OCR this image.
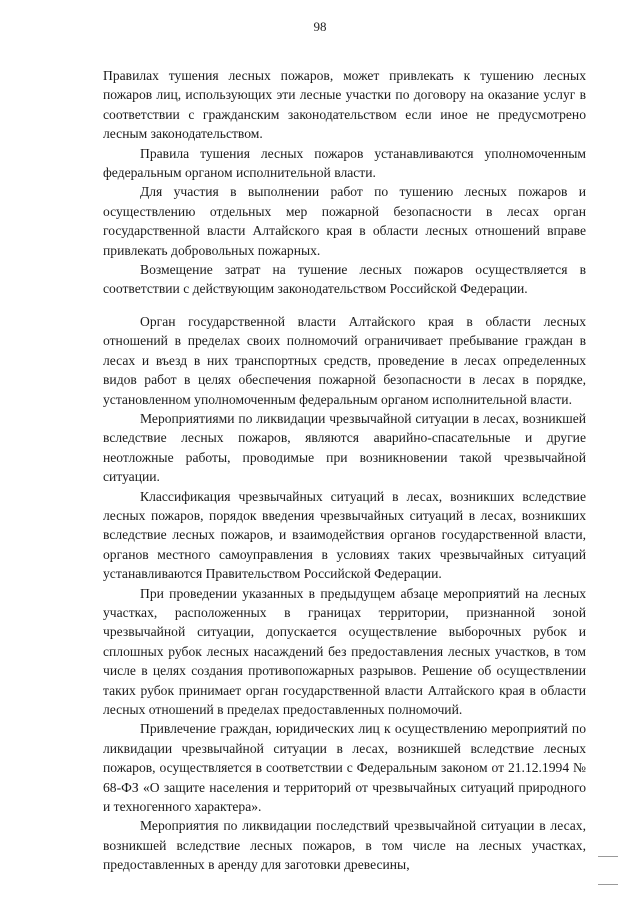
98

Правилах тушения лесных пожаров, может привлекать к тушению лесных пожаров лиц, использующих эти лесные участки по договору на оказание услуг в соответствии с гражданским законодательством если иное не предусмотрено лесным законодательством.

Правила тушения лесных пожаров устанавливаются уполномоченным федеральным органом исполнительной власти.

Для участия в выполнении работ по тушению лесных пожаров и осуществлению отдельных мер пожарной безопасности в лесах орган государственной власти Алтайского края в области лесных отношений вправе привлекать добровольных пожарных.

Возмещение затрат на тушение лесных пожаров осуществляется в соответствии с действующим законодательством Российской Федерации.

Орган государственной власти Алтайского края в области лесных отношений в пределах своих полномочий ограничивает пребывание граждан в лесах и въезд в них транспортных средств, проведение в лесах определенных видов работ в целях обеспечения пожарной безопасности в лесах в порядке, установленном уполномоченным федеральным органом исполнительной власти.

Мероприятиями по ликвидации чрезвычайной ситуации в лесах, возникшей вследствие лесных пожаров, являются аварийно-спасательные и другие неотложные работы, проводимые при возникновении такой чрезвычайной ситуации.

Классификация чрезвычайных ситуаций в лесах, возникших вследствие лесных пожаров, порядок введения чрезвычайных ситуаций в лесах, возникших вследствие лесных пожаров, и взаимодействия органов государственной власти, органов местного самоуправления в условиях таких чрезвычайных ситуаций устанавливаются Правительством Российской Федерации.

При проведении указанных в предыдущем абзаце мероприятий на лесных участках, расположенных в границах территории, признанной зоной чрезвычайной ситуации, допускается осуществление выборочных рубок и сплошных рубок лесных насаждений без предоставления лесных участков, в том числе в целях создания противопожарных разрывов. Решение об осуществлении таких рубок принимает орган государственной власти Алтайского края в области лесных отношений в пределах предоставленных полномочий.

Привлечение граждан, юридических лиц к осуществлению мероприятий по ликвидации чрезвычайной ситуации в лесах, возникшей вследствие лесных пожаров, осуществляется в соответствии с Федеральным законом от 21.12.1994 № 68-ФЗ «О защите населения и территорий от чрезвычайных ситуаций природного и техногенного характера».

Мероприятия по ликвидации последствий чрезвычайной ситуации в лесах, возникшей вследствие лесных пожаров, в том числе на лесных участках, предоставленных в аренду для заготовки древесины,
